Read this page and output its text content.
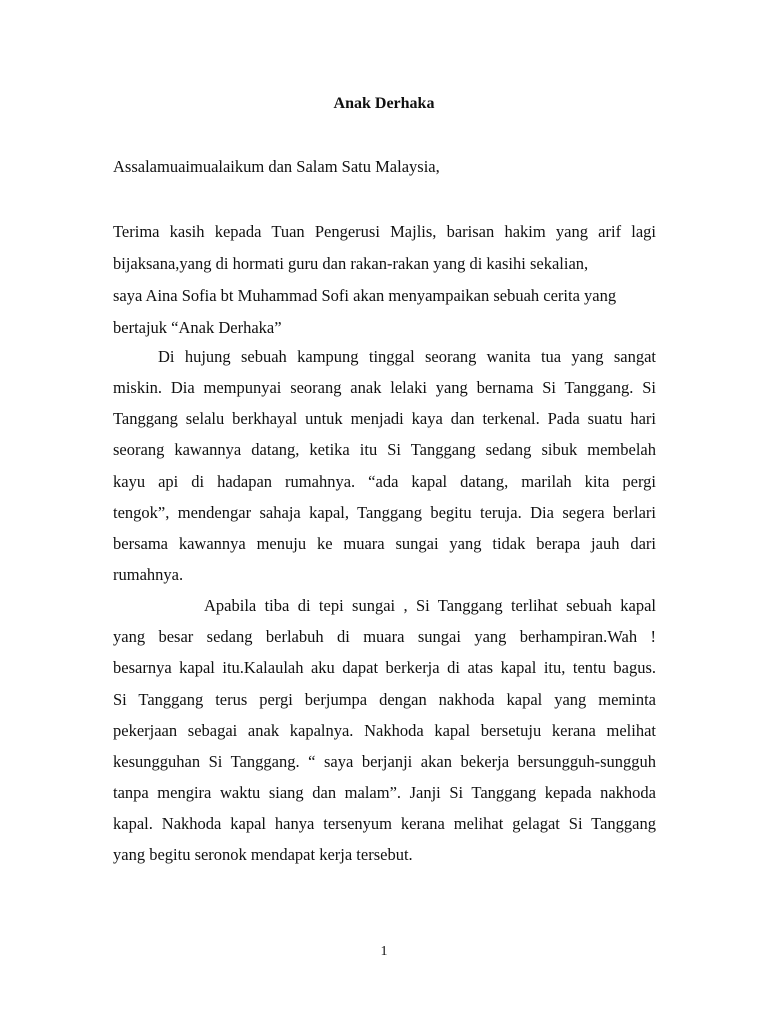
Anak Derhaka
Assalamuaimualaikum dan Salam Satu Malaysia,
Terima kasih kepada Tuan Pengerusi Majlis, barisan hakim yang arif lagi
bijaksana,yang di hormati guru dan rakan-rakan yang di kasihi sekalian,
saya Aina Sofia bt Muhammad Sofi akan menyampaikan sebuah cerita yang
bertajuk “Anak Derhaka”
Di hujung sebuah kampung tinggal seorang wanita tua yang sangat
miskin. Dia mempunyai seorang anak lelaki yang bernama Si Tanggang. Si
Tanggang selalu berkhayal untuk menjadi kaya dan terkenal. Pada suatu hari
seorang kawannya datang, ketika itu Si Tanggang sedang sibuk membelah
kayu api di hadapan rumahnya. “ada kapal datang, marilah kita pergi
tengok”, mendengar sahaja kapal, Tanggang begitu teruja. Dia segera berlari
bersama kawannya menuju ke muara sungai yang tidak berapa jauh dari
rumahnya.
Apabila tiba di tepi sungai , Si Tanggang terlihat sebuah kapal
yang besar sedang berlabuh di muara sungai yang berhampiran.Wah !
besarnya kapal itu.Kalaulah aku dapat berkerja di atas kapal itu, tentu bagus.
Si Tanggang terus pergi berjumpa dengan nakhoda kapal yang meminta
pekerjaan sebagai anak kapalnya. Nakhoda kapal bersetuju kerana melihat
kesungguhan Si Tanggang. “ saya berjanji akan bekerja bersungguh-sungguh
tanpa mengira waktu siang dan malam”. Janji Si Tanggang kepada nakhoda
kapal. Nakhoda kapal hanya tersenyum kerana melihat gelagat Si Tanggang
yang begitu seronok mendapat kerja tersebut.
1
